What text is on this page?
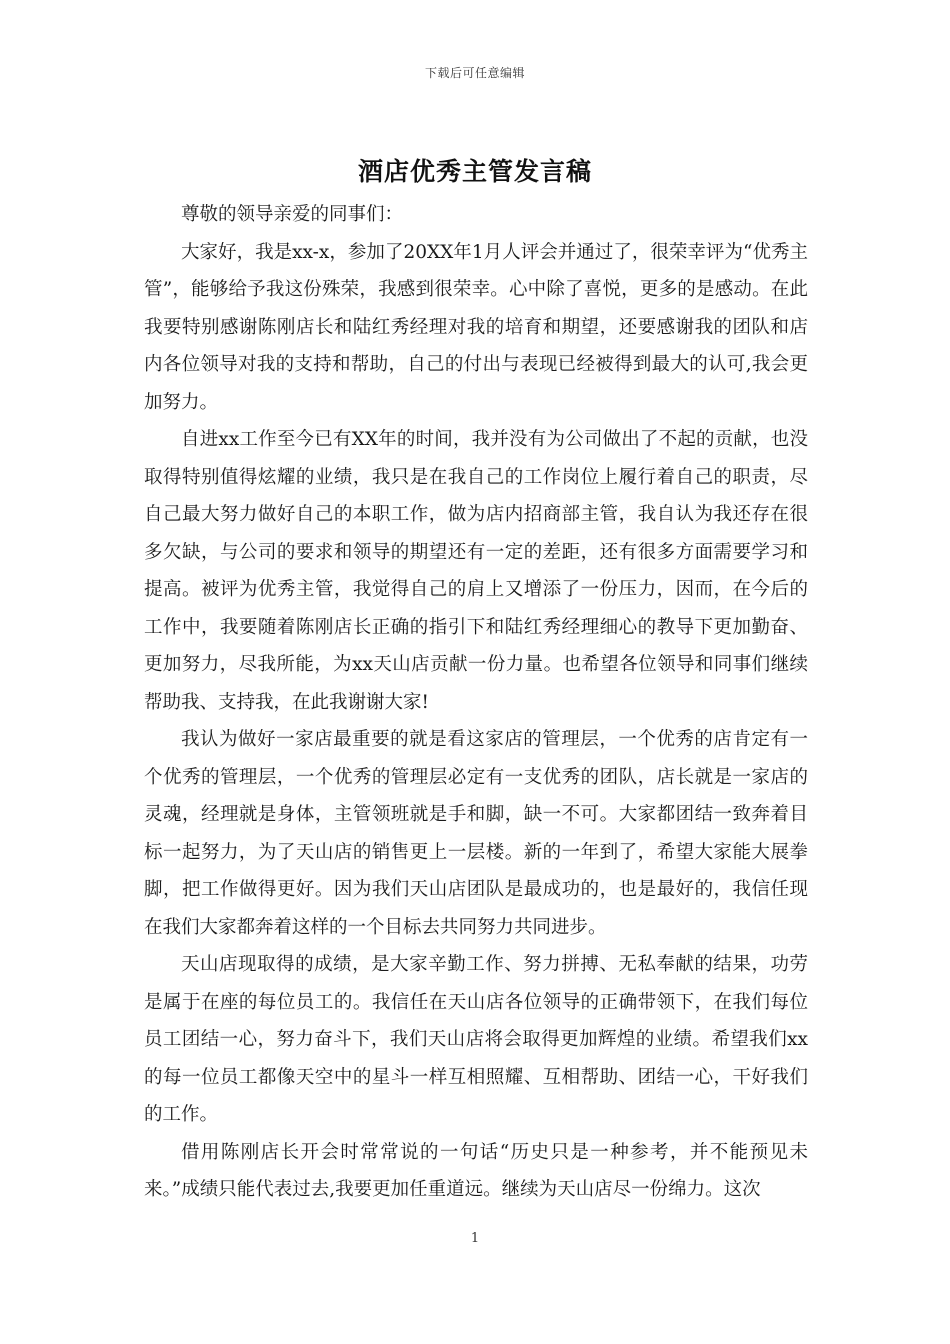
下载后可任意编辑
酒店优秀主管发言稿

尊敬的领导亲爱的同事们：

大家好，我是xx-x，参加了20XX年1月人评会并通过了，很荣幸评为“优秀主管”，能够给予我这份殊荣，我感到很荣幸。心中除了喜悦，更多的是感动。在此我要特别感谢陈刚店长和陆红秀经理对我的培育和期望，还要感谢我的团队和店内各位领导对我的支持和帮助，自己的付出与表现已经被得到最大的认可,我会更加努力。

自进xx工作至今已有XX年的时间，我并没有为公司做出了不起的贡献，也没取得特别值得炫耀的业绩，我只是在我自己的工作岗位上履行着自己的职责，尽自己最大努力做好自己的本职工作，做为店内招商部主管，我自认为我还存在很多欠缺，与公司的要求和领导的期望还有一定的差距，还有很多方面需要学习和提高。被评为优秀主管，我觉得自己的肩上又增添了一份压力，因而，在今后的工作中，我要随着陈刚店长正确的指引下和陆红秀经理细心的教导下更加勤奋、更加努力，尽我所能，为xx天山店贡献一份力量。也希望各位领导和同事们继续帮助我、支持我，在此我谢谢大家!

我认为做好一家店最重要的就是看这家店的管理层，一个优秀的店肯定有一个优秀的管理层，一个优秀的管理层必定有一支优秀的团队，店长就是一家店的灵魂，经理就是身体，主管领班就是手和脚，缺一不可。大家都团结一致奔着目标一起努力，为了天山店的销售更上一层楼。新的一年到了，希望大家能大展拳脚，把工作做得更好。因为我们天山店团队是最成功的，也是最好的，我信任现在我们大家都奔着这样的一个目标去共同努力共同进步。

天山店现取得的成绩，是大家辛勤工作、努力拼搏、无私奉献的结果，功劳是属于在座的每位员工的。我信任在天山店各位领导的正确带领下，在我们每位员工团结一心，努力奋斗下，我们天山店将会取得更加辉煌的业绩。希望我们xx的每一位员工都像天空中的星斗一样互相照耀、互相帮助、团结一心，干好我们的工作。

借用陈刚店长开会时常常说的一句话“历史只是一种参考，并不能预见未来。”成绩只能代表过去,我要更加任重道远。继续为天山店尽一份绵力。这次

1
